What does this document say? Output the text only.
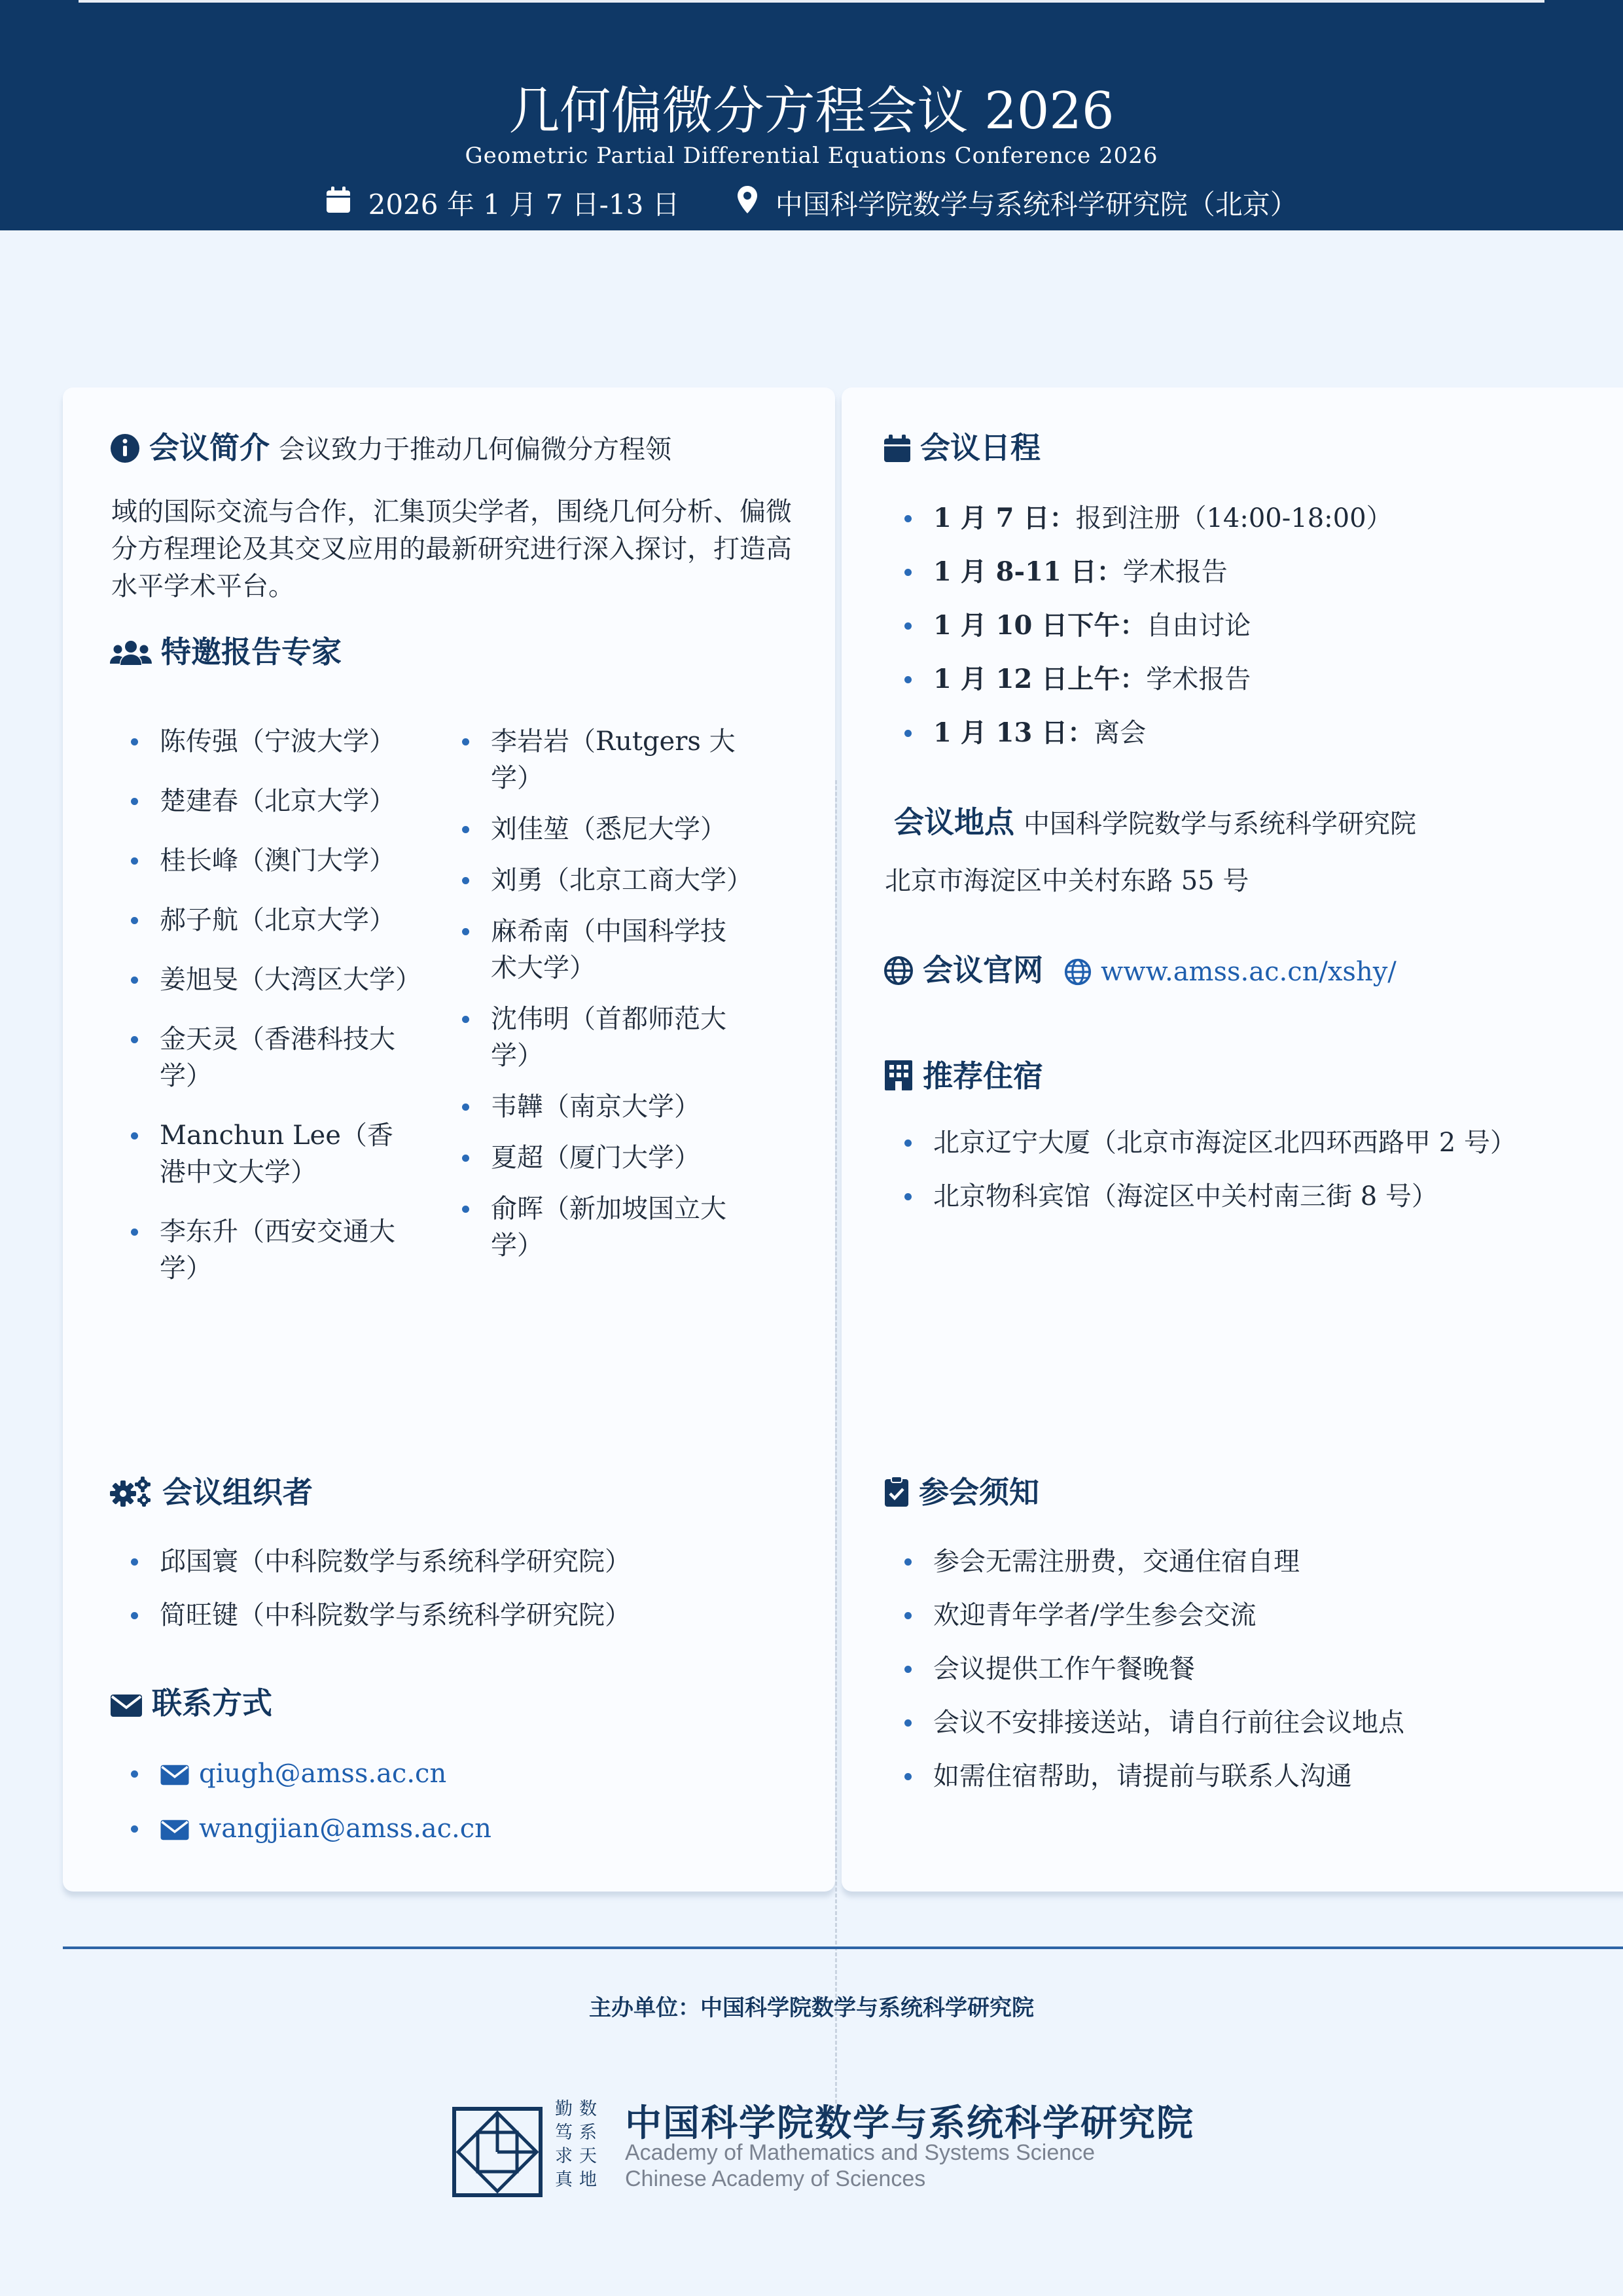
几何偏微分方程会议 2026
Geometric Partial Differential Equations Conference 2026
2026 年 1 月 7 日-13 日	中国科学院数学与系统科学研究院（北京）
会议简介 会议致力于推动几何偏微分方程领
域的国际交流与合作，汇集顶尖学者，围绕几何分析、偏微分方程理论及其交叉应用的最新研究进行深入探讨，打造高水平学术平台。
特邀报告专家
陈传强（宁波大学）
楚建春（北京大学）
桂长峰（澳门大学）
郝子航（北京大学）
姜旭旻（大湾区大学）
金天灵（香港科技大学）
Manchun Lee（香港中文大学）
李东升（西安交通大学）
李岩岩（Rutgers 大学）
刘佳堃（悉尼大学）
刘勇（北京工商大学）
麻希南（中国科学技术大学）
沈伟明（首都师范大学）
韦韡（南京大学）
夏超（厦门大学）
俞晖（新加坡国立大学）
会议组织者
邱国寰（中科院数学与系统科学研究院）
简旺键（中科院数学与系统科学研究院）
联系方式
qiugh@amss.ac.cn
wangjian@amss.ac.cn
会议日程
1 月 7 日：报到注册（14:00-18:00）
1 月 8-11 日：学术报告
1 月 10 日下午：自由讨论
1 月 12 日上午：学术报告
1 月 13 日：离会
会议地点 中国科学院数学与系统科学研究院
北京市海淀区中关村东路 55 号
会议官网 www.amss.ac.cn/xshy/
推荐住宿
北京辽宁大厦（北京市海淀区北四环西路甲 2 号）
北京物科宾馆（海淀区中关村南三街 8 号）
参会须知
参会无需注册费，交通住宿自理
欢迎青年学者/学生参会交流
会议提供工作午餐晚餐
会议不安排接送站，请自行前往会议地点
如需住宿帮助，请提前与联系人沟通
主办单位：中国科学院数学与系统科学研究院
勤数笃系求天真地
中国科学院数学与系统科学研究院
Academy of Mathematics and Systems Science
Chinese Academy of Sciences
